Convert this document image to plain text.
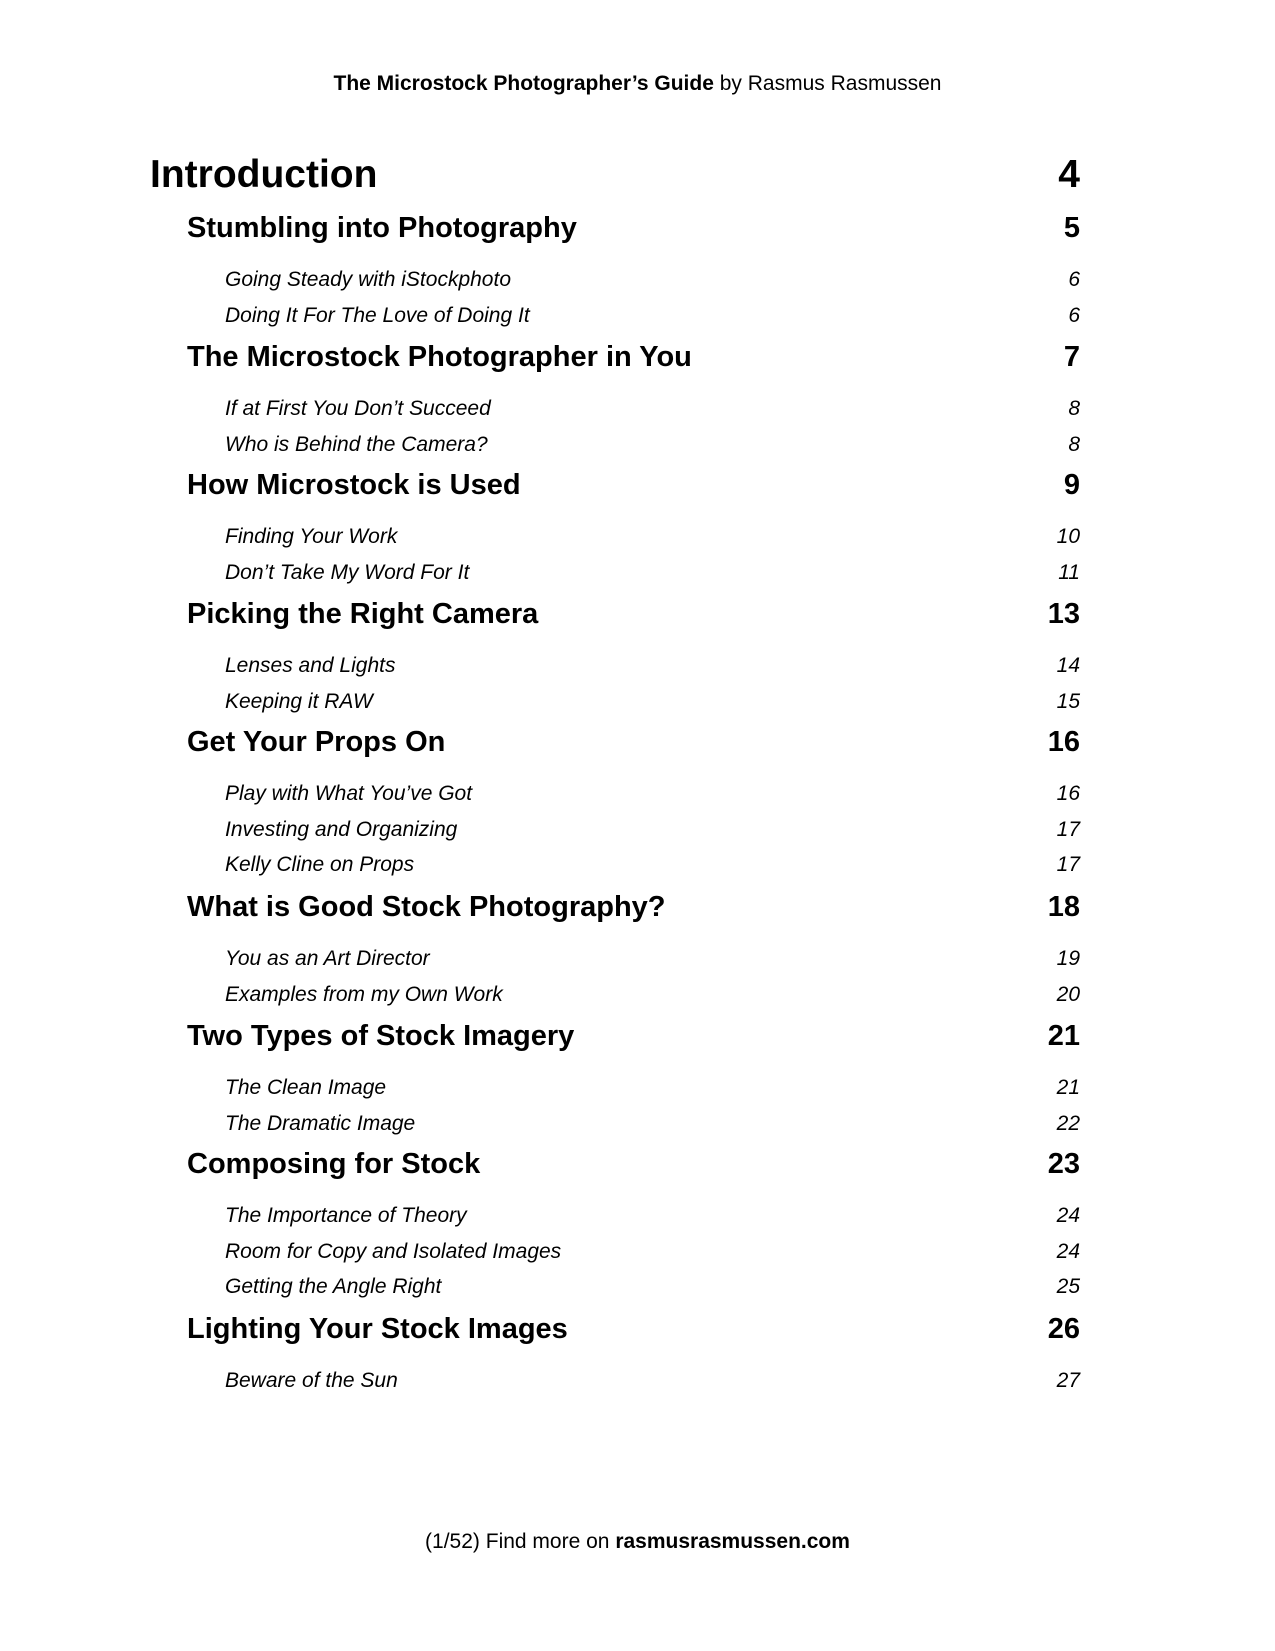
The Microstock Photographer’s Guide by Rasmus Rasmussen
Introduction	4
Stumbling into Photography	5
Going Steady with iStockphoto	6
Doing It For The Love of Doing It	6
The Microstock Photographer in You	7
If at First You Don’t Succeed	8
Who is Behind the Camera?	8
How Microstock is Used	9
Finding Your Work	10
Don’t Take My Word For It	11
Picking the Right Camera	13
Lenses and Lights	14
Keeping it RAW	15
Get Your Props On	16
Play with What You’ve Got	16
Investing and Organizing	17
Kelly Cline on Props	17
What is Good Stock Photography?	18
You as an Art Director	19
Examples from my Own Work	20
Two Types of Stock Imagery	21
The Clean Image	21
The Dramatic Image	22
Composing for Stock	23
The Importance of Theory	24
Room for Copy and Isolated Images	24
Getting the Angle Right	25
Lighting Your Stock Images	26
Beware of the Sun	27
(1/52) Find more on rasmusrasmussen.com
